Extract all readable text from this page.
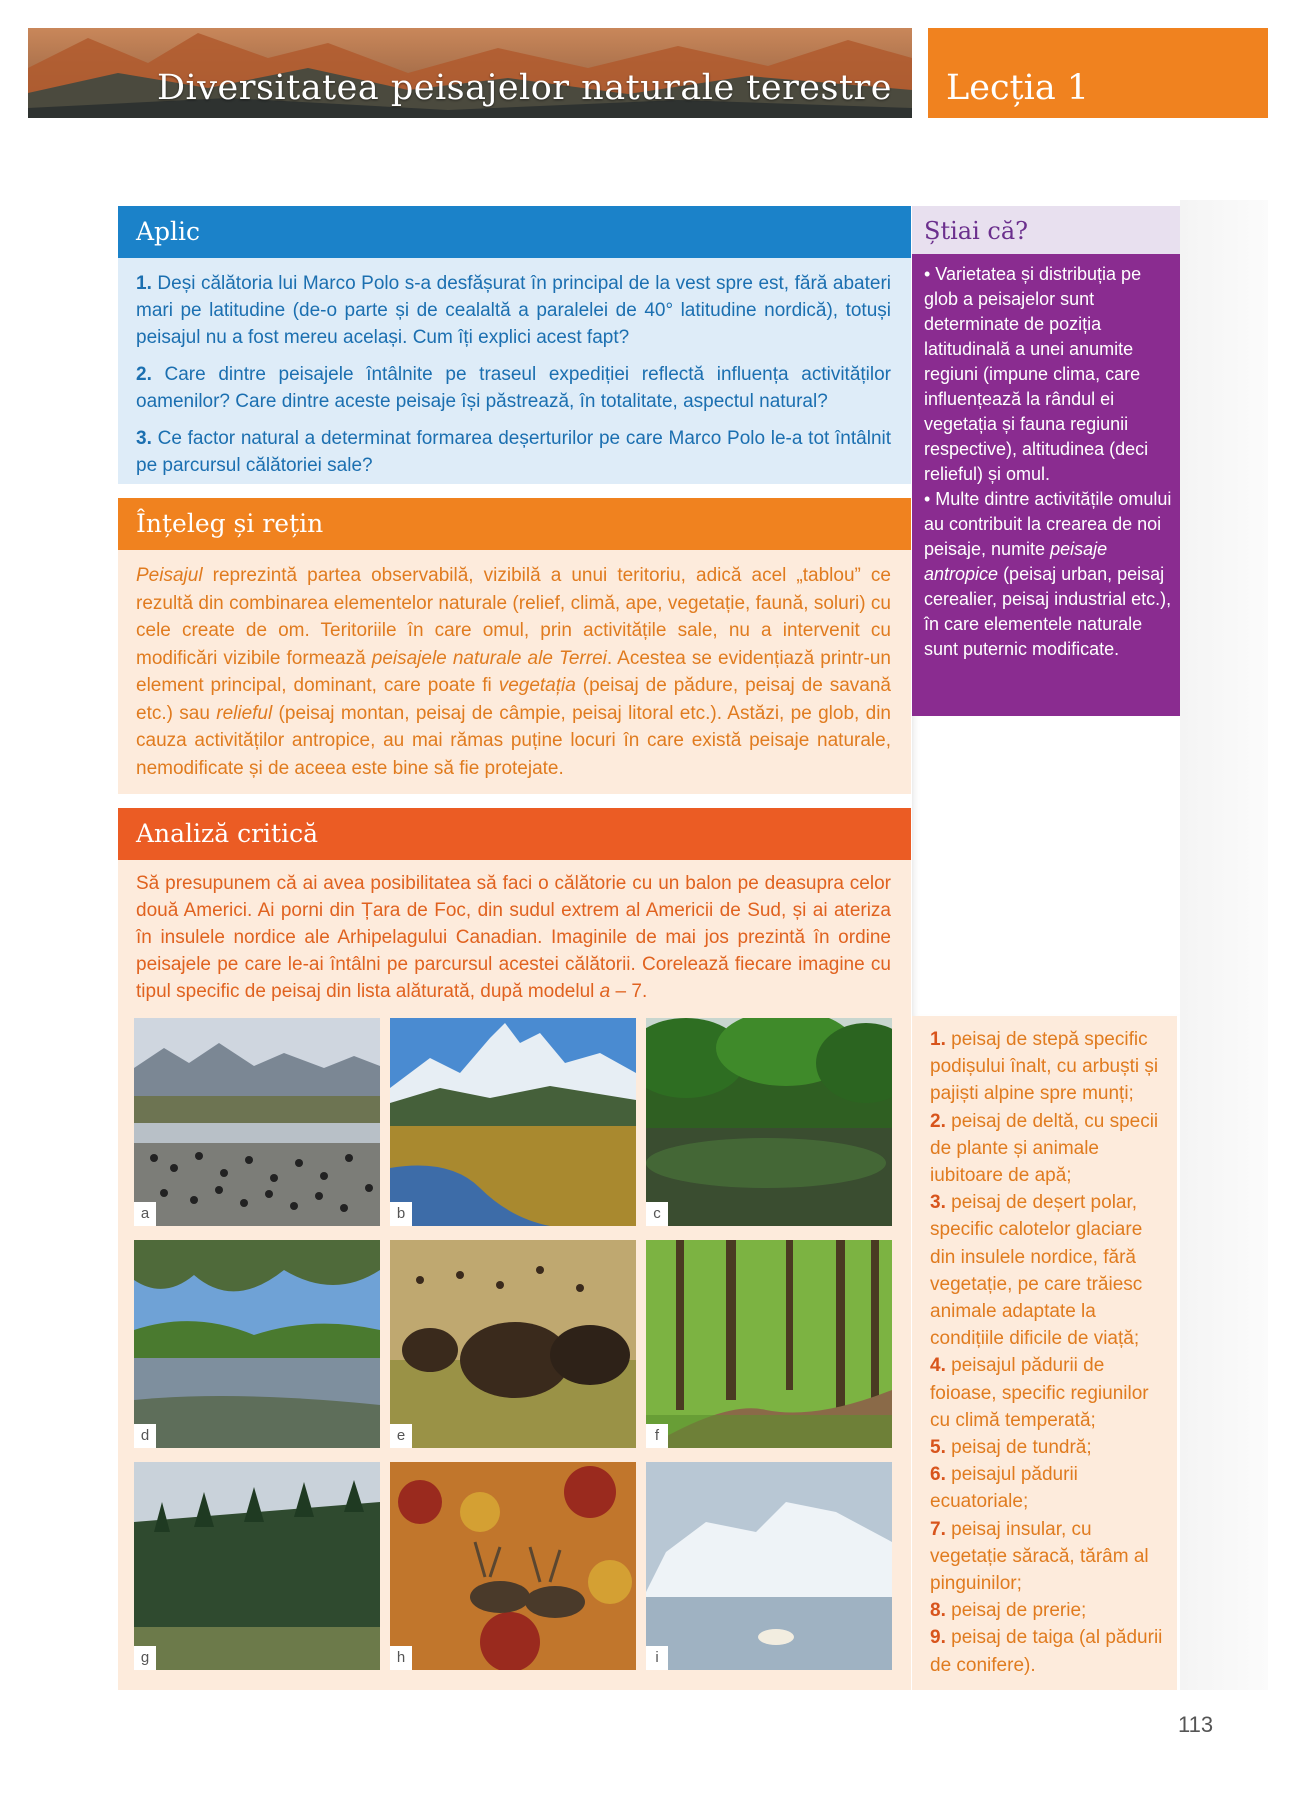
Diversitatea peisajelor naturale terestre Lecția 1
Aplic

1. Deși călătoria lui Marco Polo s-a desfășurat în principal de la vest spre est, fără abateri mari pe latitudine (de-o parte și de cealaltă a paralelei de 40° latitudine nordică), totuși peisajul nu a fost mereu același. Cum îți explici acest fapt?

2. Care dintre peisajele întâlnite pe traseul expediției reflectă influența activităților oamenilor? Care dintre aceste peisaje își păstrează, în totalitate, aspectul natural?

3. Ce factor natural a determinat formarea deșerturilor pe care Marco Polo le-a tot întâlnit pe parcursul călătoriei sale?

Știai că?

• Varietatea și distribuția pe glob a peisajelor sunt determinate de poziția latitudinală a unei anumite regiuni (impune clima, care influențează la rândul ei vegetația și fauna regiunii respective), altitudinea (deci relieful) și omul.

• Multe dintre activitățile omului au contribuit la crearea de noi peisaje, numite peisaje antropice (peisaj urban, peisaj cerealier, peisaj industrial etc.), în care elementele naturale sunt puternic modificate.

Înțeleg și rețin
Peisajul reprezintă partea observabilă, vizibilă a unui teritoriu, adică acel „tablou” ce rezultă din combinarea elementelor naturale (relief, climă, ape, vegetație, faună, soluri) cu cele create de om. Teritoriile în care omul, prin activitățile sale, nu a intervenit cu modificări vizibile formează peisajele naturale ale Terrei. Acestea se evidențiază printr-un element principal, dominant, care poate fi vegetația (peisaj de pădure, peisaj de savană etc.) sau relieful (peisaj montan, peisaj de câmpie, peisaj litoral etc.). Astăzi, pe glob, din cauza activităților antropice, au mai rămas puține locuri în care există peisaje naturale, nemodificate și de aceea este bine să fie protejate.
Analiză critică
Să presupunem că ai avea posibilitatea să faci o călătorie cu un balon pe deasupra celor două Americi. Ai porni din Țara de Foc, din sudul extrem al Americii de Sud, și ai ateriza în insulele nordice ale Arhipelagului Canadian. Imaginile de mai jos prezintă în ordine peisajele pe care le-ai întâlni pe parcursul acestei călătorii. Corelează fiecare imagine cu tipul specific de peisaj din lista alăturată, după modelul a – 7.
a	b	c
d	e	f
g	h	i

1. peisaj de stepă specific podișului înalt, cu arbuști și pajiști alpine spre munți;

2. peisaj de deltă, cu specii de plante și animale iubitoare de apă;

3. peisaj de deșert polar, specific calotelor glaciare din insulele nordice, fără vegetație, pe care trăiesc animale adaptate la condițiile dificile de viață;

4. peisajul pădurii de foioase, specific regiunilor cu climă temperată;

5. peisaj de tundră;

6. peisajul pădurii ecuatoriale;

7. peisaj insular, cu vegetație săracă, tărâm al pinguinilor;

8. peisaj de prerie;

9. peisaj de taiga (al pădurii de conifere).

113
